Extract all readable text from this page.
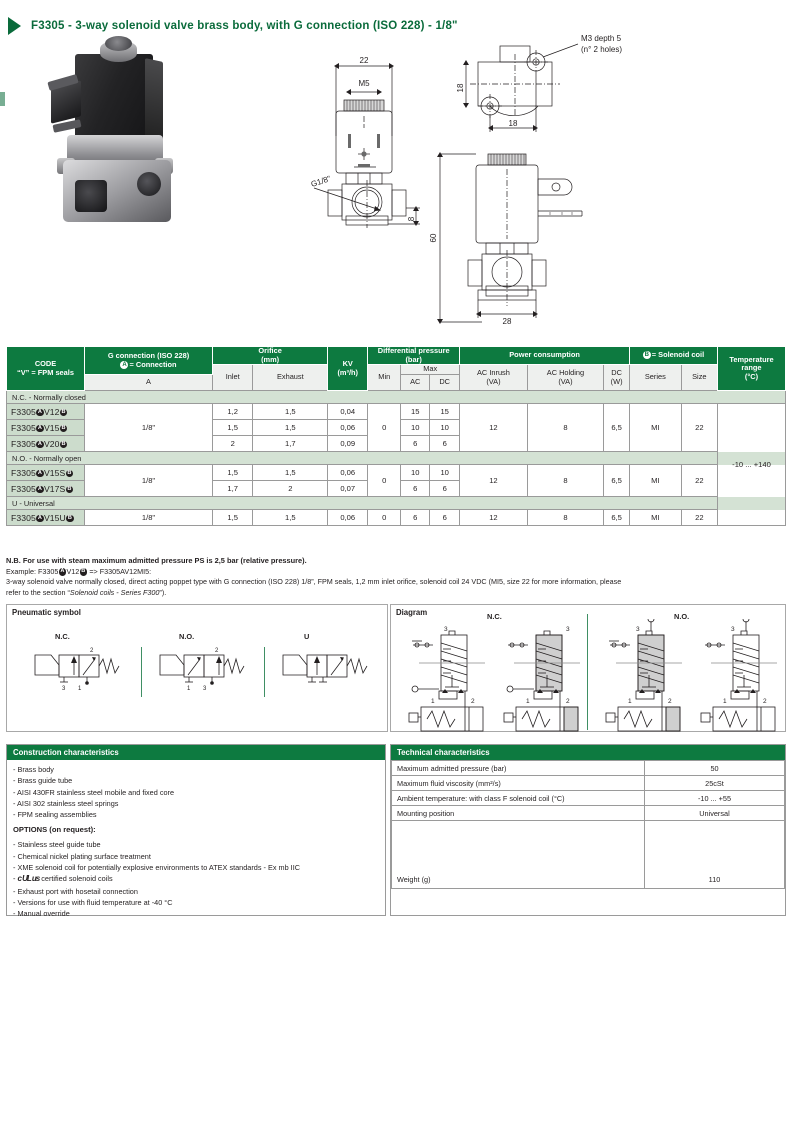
F3305 - 3-way solenoid valve brass body, with G connection (ISO 228) - 1/8"
18
18
M3 depth 5
(n° 2 holes)
22
M5
G1/8"
8
60
28
CODE
“V” = FPM seals

G connection (ISO 228)
A = Connection

Orifice
(mm)	KV
(m³/h)

Differential pressure
(bar)	Power consumption	B = Solenoid coil	Temperature
range
(°C)

Inlet	Exhaust	Min	Max	AC Inrush
(VA)

AC Holding
(VA)

DC
(W)	Series	Size
	A					AC	DC						
N.C. - Normally closed													
F3305 A V12 B	1/8"	1,2	1,5	0,04	0	15	15	12	8	6,5	MI	22	-10 ... +140
F3305 A V15 B		1,5	1,5	0,06		10	10						
F3305 A V20 B		2	1,7	0,09		6	6						
N.O. - Normally open													
F3305 A V15S B	1/8"	1,5	1,5	0,06	0	10	10	12	8	6,5	MI	22	
F3305 A V17S B		1,7	2	0,07		6	6						
U - Universal													
F3305 A V15U B	1/8"	1,5	1,5	0,06	0	6	6	12	8	6,5	MI	22	
N.B. For use with steam maximum admitted pressure PS is 2,5 bar (relative pressure).
Example: F3305 A V12 B => F3305AV12MI5:
3-way solenoid valve normally closed, direct acting poppet type with G connection (ISO 228) 1/8”, FPM seals, 1,2 mm inlet orifice, solenoid coil 24 VDC (MI5, size 22 for more information, please
refer to the section “Solenoid coils - Series F300”).
Pneumatic symbol
N.C.	N.O.	U
2
3 1
2
1 3
Diagram	N.C.	N.O.
3
1	2
3
1	2
3
1	2
3
1	2
Construction characteristics
- Brass body
- Brass guide tube
- AISI 430FR stainless steel mobile and fixed core
- AISI 302 stainless steel springs
- FPM sealing assemblies
OPTIONS (on request):
- Stainless steel guide tube
- Chemical nickel plating surface treatment
- XME solenoid coil for potentially explosive environments to ATEX standards - Ex mb IIC
- c UL us certified solenoid coils
- Exhaust port with hosetail connection
- Versions for use with fluid temperature at -40 °C
- Manual override
Technical characteristics
Maximum admitted pressure (bar)	50
Maximum fluid viscosity (mm²/s)	25cSt
Ambient temperature: with class F solenoid coil (°C)	-10 ... +55
Mounting position	Universal
Weight (g)	110
